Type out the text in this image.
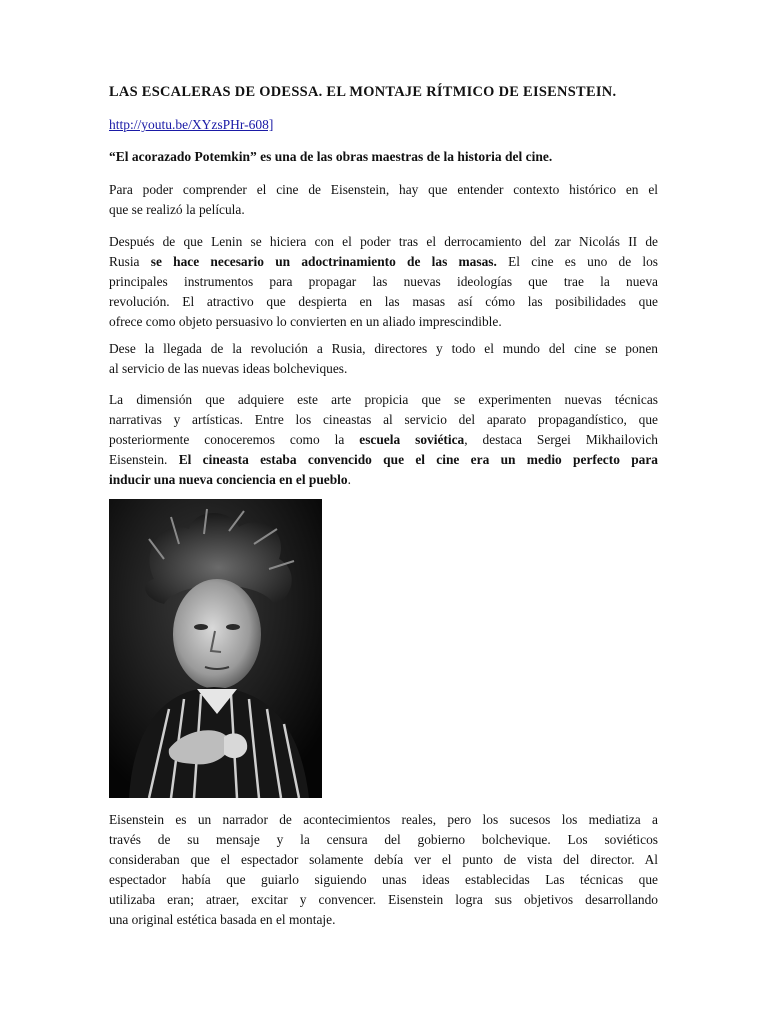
LAS ESCALERAS DE ODESSA. EL MONTAJE RÍTMICO DE EISENSTEIN.
http://youtu.be/XYzsPHr-608]
“El acorazado Potemkin” es una de las obras maestras de la historia del cine.
Para poder comprender el cine de Eisenstein, hay que entender contexto histórico en el
que se realizó la película.
Después de que Lenin se hiciera con el poder tras el derrocamiento del zar Nicolás II de
Rusia se hace necesario un adoctrinamiento de las masas. El cine es uno de los
principales instrumentos para propagar las nuevas ideologías que trae la nueva
revolución. El atractivo que despierta en las masas así cómo las posibilidades que
ofrece como objeto persuasivo lo convierten en un aliado imprescindible.
Dese la llegada de la revolución a Rusia, directores y todo el mundo del cine se ponen
al servicio de las nuevas ideas bolcheviques.
La dimensión que adquiere este arte propicia que se experimenten nuevas técnicas
narrativas y artísticas. Entre los cineastas al servicio del aparato propagandístico, que
posteriormente conoceremos como la escuela soviética, destaca Sergei Mikhailovich
Eisenstein. El cineasta estaba convencido que el cine era un medio perfecto para
inducir una nueva conciencia en el pueblo.
Eisenstein es un narrador de acontecimientos reales, pero los sucesos los mediatiza a
través de su mensaje y la censura del gobierno bolchevique. Los soviéticos
consideraban que el espectador solamente debía ver el punto de vista del director. Al
espectador había que guiarlo siguiendo unas ideas establecidas Las técnicas que
utilizaba eran; atraer, excitar y convencer. Eisenstein logra sus objetivos desarrollando
una original estética basada en el montaje.
